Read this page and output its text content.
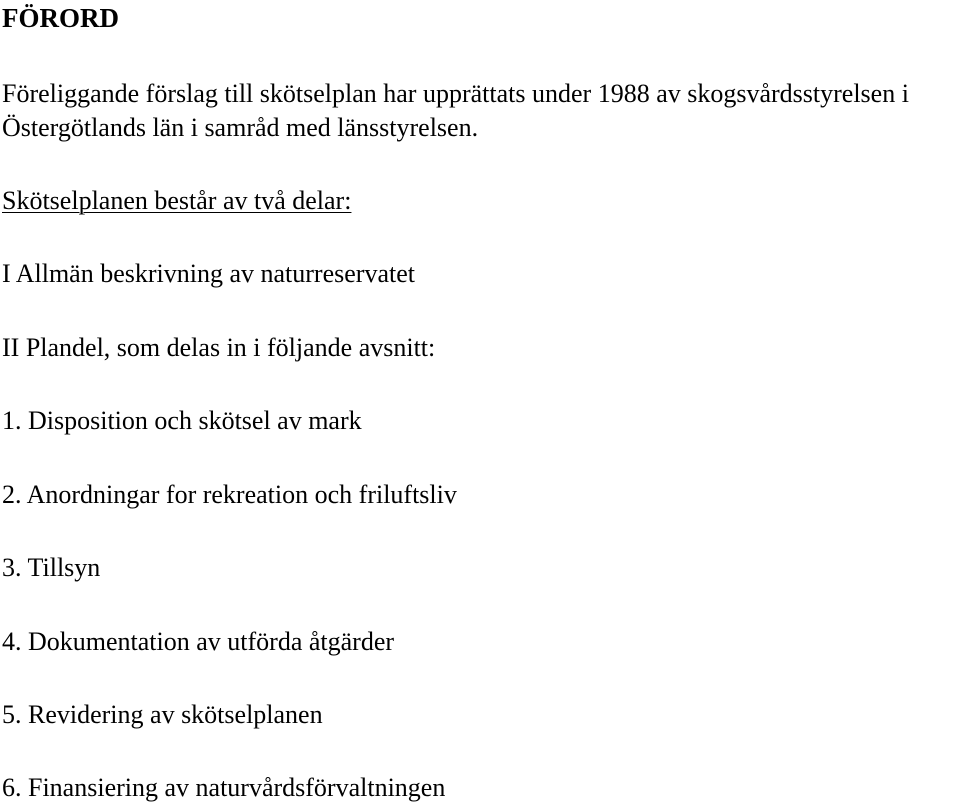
FÖRORD
Föreliggande förslag till skötselplan har upprättats under 1988 av skogsvårdsstyrelsen i
Östergötlands län i samråd med länsstyrelsen.
Skötselplanen består av två delar:
I Allmän beskrivning av naturreservatet
II Plandel, som delas in i följande avsnitt:
1. Disposition och skötsel av mark
2. Anordningar for rekreation och friluftsliv
3. Tillsyn
4. Dokumentation av utförda åtgärder
5. Revidering av skötselplanen
6. Finansiering av naturvårdsförvaltningen
